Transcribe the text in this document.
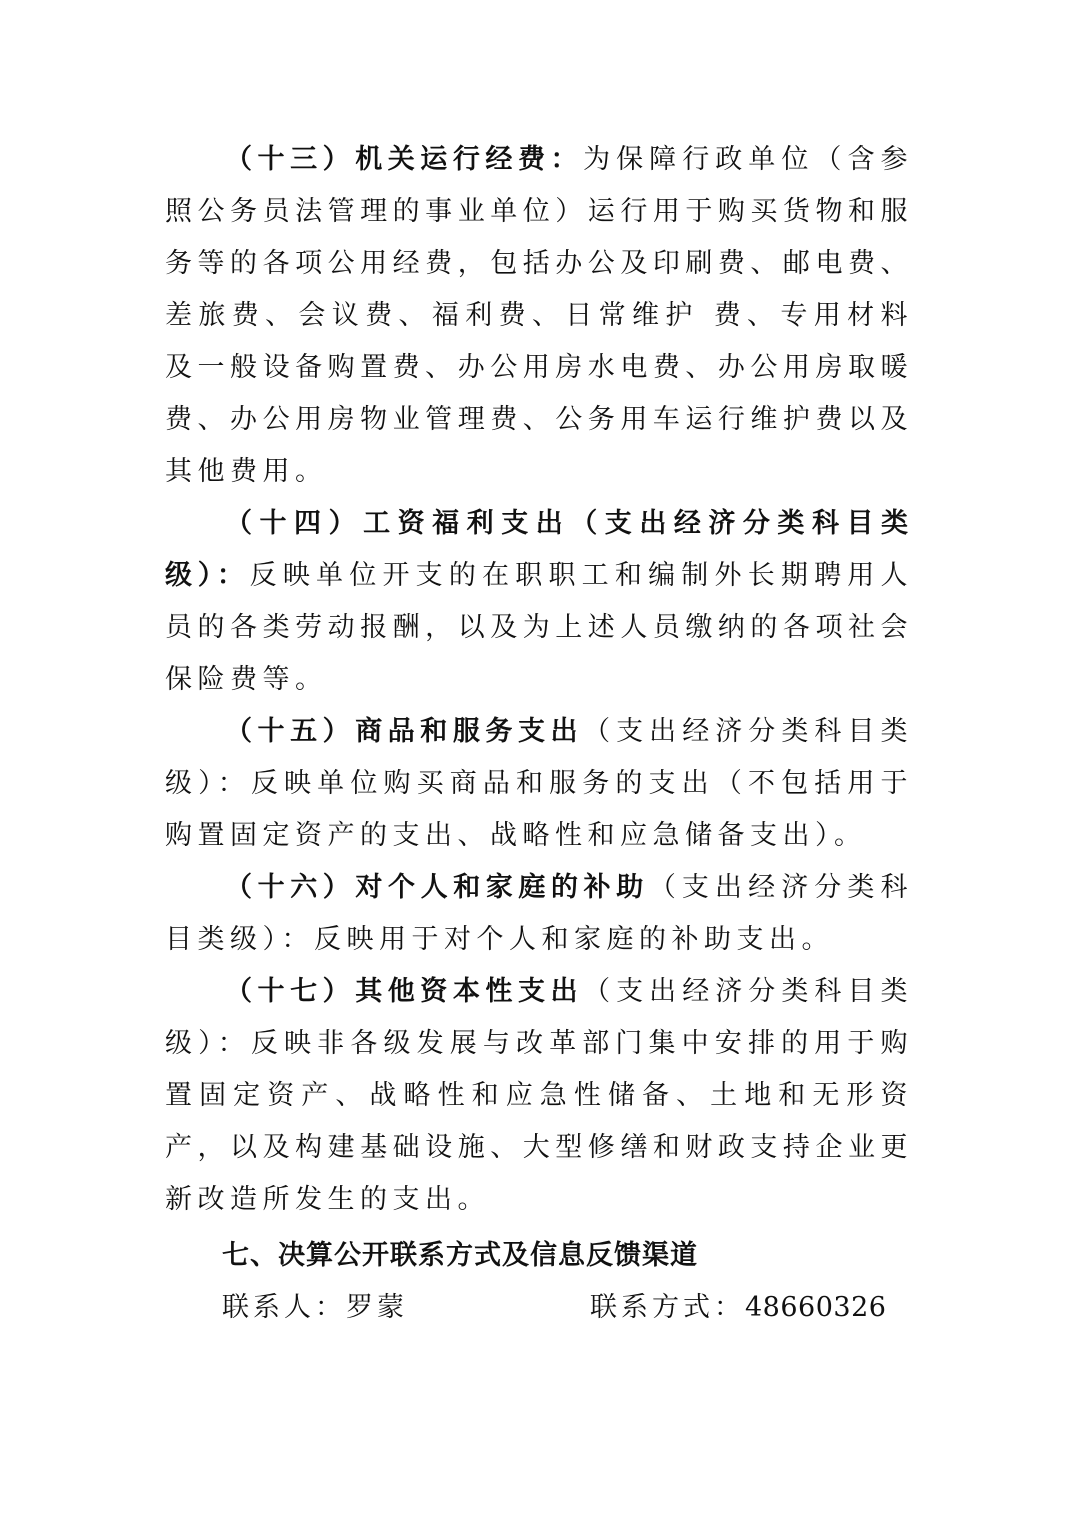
（十三）机关运行经费：为保障行政单位（含参照公务员法管理的事业单位）运行用于购买货物和服务等的各项公用经费，包括办公及印刷费、邮电费、差旅费、会议费、福利费、日常维护 费、专用材料及一般设备购置费、办公用房水电费、办公用房取暖费、办公用房物业管理费、公务用车运行维护费以及其他费用。

（十四）工资福利支出（支出经济分类科目类级）：反映单位开支的在职职工和编制外长期聘用人员的各类劳动报酬，以及为上述人员缴纳的各项社会保险费等。

（十五）商品和服务支出（支出经济分类科目类级）：反映单位购买商品和服务的支出（不包括用于购置固定资产的支出、战略性和应急储备支出）。

（十六）对个人和家庭的补助（支出经济分类科目类级）：反映用于对个人和家庭的补助支出。

（十七）其他资本性支出（支出经济分类科目类级）：反映非各级发展与改革部门集中安排的用于购置固定资产、战略性和应急性储备、土地和无形资产，以及构建基础设施、大型修缮和财政支持企业更新改造所发生的支出。

七、决算公开联系方式及信息反馈渠道
联系人：罗蒙	联系方式：48660326
